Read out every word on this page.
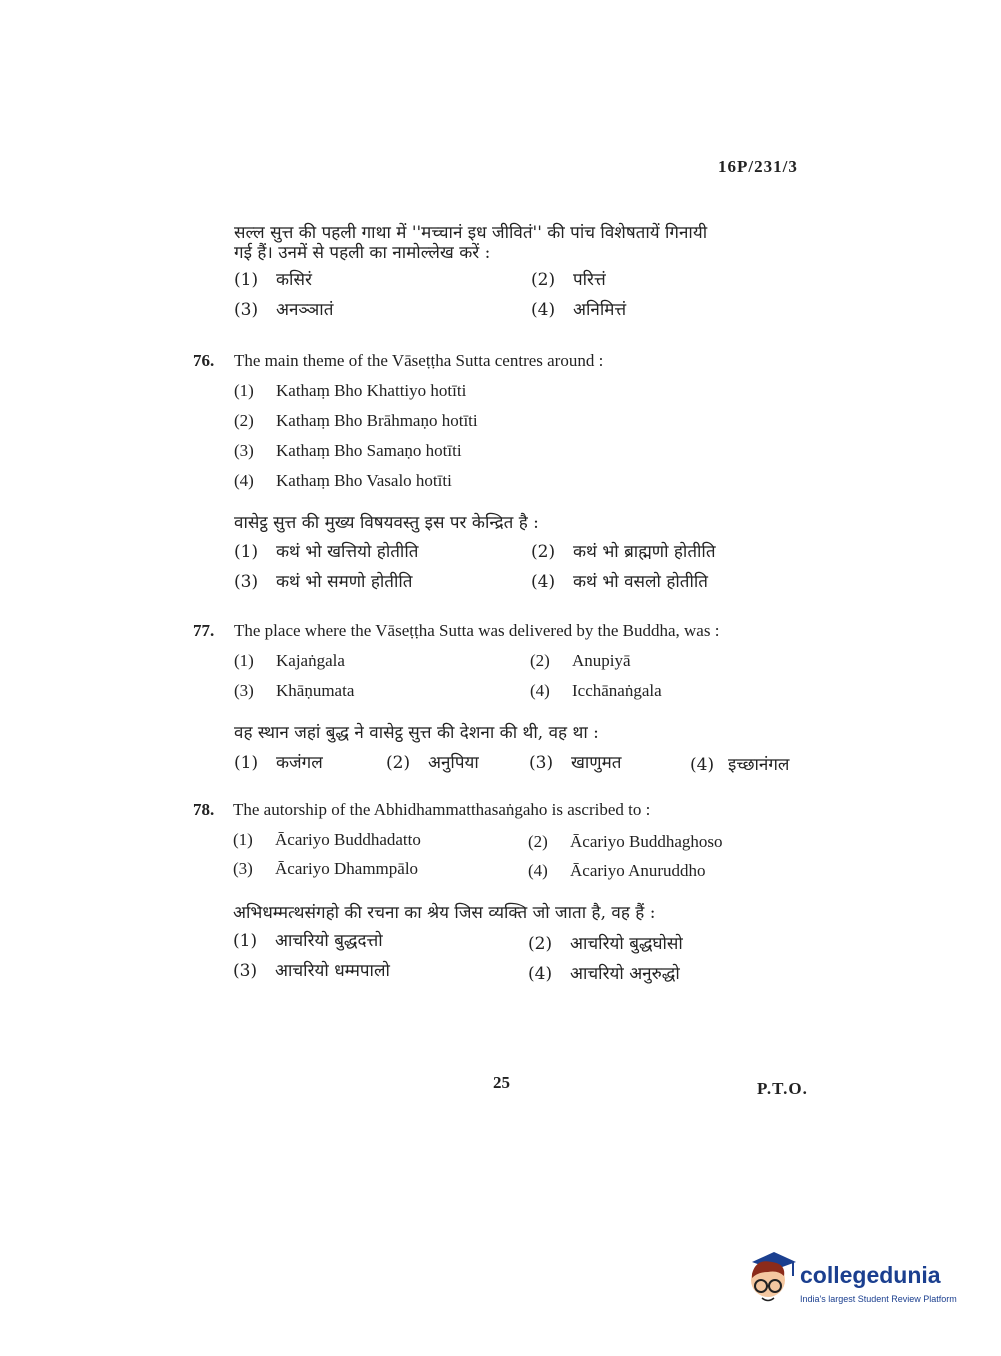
16P/231/3
सल्ल सुत्त की पहली गाथा में ''मच्चानं इध जीवितं'' की पांच विशेषतायें गिनायी
गई हैं। उनमें से पहली का नामोल्लेख करें :
(1) कसिरं	(2) परित्तं
(3) अनञ्ञातं	(4) अनिमित्तं
76. The main theme of the Vāseṭṭha Sutta centres around :
(1) Kathaṃ Bho Khattiyo hotīti
(2) Kathaṃ Bho Brāhmaṇo hotīti
(3) Kathaṃ Bho Samaṇo hotīti
(4) Kathaṃ Bho Vasalo hotīti
वासेट्ठ सुत्त की मुख्य विषयवस्तु इस पर केन्द्रित है :
(1) कथं भो खत्तियो होतीति	(2) कथं भो ब्राह्मणो होतीति
(3) कथं भो समणो होतीति	(4) कथं भो वसलो होतीति
77. The place where the Vāseṭṭha Sutta was delivered by the Buddha, was :
(1) Kajaṅgala	(2) Anupiyā
(3) Khāṇumata	(4) Icchānaṅgala
वह स्थान जहां बुद्ध ने वासेट्ठ सुत्त की देशना की थी, वह था :
(1) कजंगल	(2) अनुपिया	(3) खाणुमत	(4) इच्छानंगल
78. The autorship of the Abhidhammatthasaṅgaho is ascribed to :
(1) Ācariyo Buddhadatto	(2) Ācariyo Buddhaghoso
(3) Ācariyo Dhammpālo	(4) Ācariyo Anuruddho
अभिधम्मत्थसंगहो की रचना का श्रेय जिस व्यक्ति जो जाता है, वह हैं :
(1) आचरियो बुद्धदत्तो	(2) आचरियो बुद्धघोसो
(3) आचरियो धम्मपालो	(4) आचरियो अनुरुद्धो
25	P.T.O.
collegedunia
India's largest Student Review Platform
